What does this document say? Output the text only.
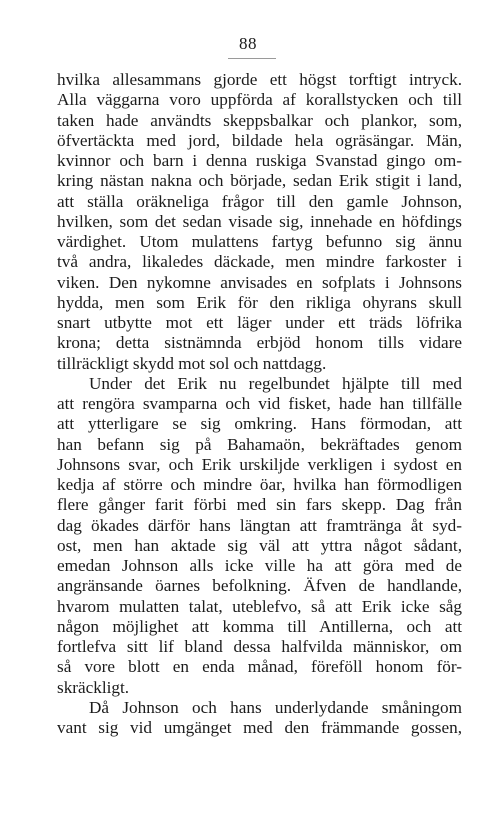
88
hvilka allesammans gjorde ett högst torftigt intryck.
Alla väggarna voro uppförda af korallstycken och till
taken hade användts skeppsbalkar och plankor, som,
öfvertäckta med jord, bildade hela ogräsängar. Män,
kvinnor och barn i denna ruskiga Svanstad gingo om-
kring nästan nakna och började, sedan Erik stigit i land,
att ställa oräkneliga frågor till den gamle Johnson,
hvilken, som det sedan visade sig, innehade en höfdings
värdighet. Utom mulattens fartyg befunno sig ännu
två andra, likaledes däckade, men mindre farkoster i
viken. Den nykomne anvisades en sofplats i Johnsons
hydda, men som Erik för den rikliga ohyrans skull
snart utbytte mot ett läger under ett träds löfrika
krona; detta sistnämnda erbjöd honom tills vidare
tillräckligt skydd mot sol och nattdagg.
Under det Erik nu regelbundet hjälpte till med
att rengöra svamparna och vid fisket, hade han tillfälle
att ytterligare se sig omkring. Hans förmodan, att
han befann sig på Bahamaön, bekräftades genom
Johnsons svar, och Erik urskiljde verkligen i sydost en
kedja af större och mindre öar, hvilka han förmodligen
flere gånger farit förbi med sin fars skepp. Dag från
dag ökades därför hans längtan att framtränga åt syd-
ost, men han aktade sig väl att yttra något sådant,
emedan Johnson alls icke ville ha att göra med de
angränsande öarnes befolkning. Äfven de handlande,
hvarom mulatten talat, uteblefvo, så att Erik icke såg
någon möjlighet att komma till Antillerna, och att
fortlefva sitt lif bland dessa halfvilda människor, om
så vore blott en enda månad, föreföll honom för-
skräckligt.
Då Johnson och hans underlydande småningom
vant sig vid umgänget med den främmande gossen,
